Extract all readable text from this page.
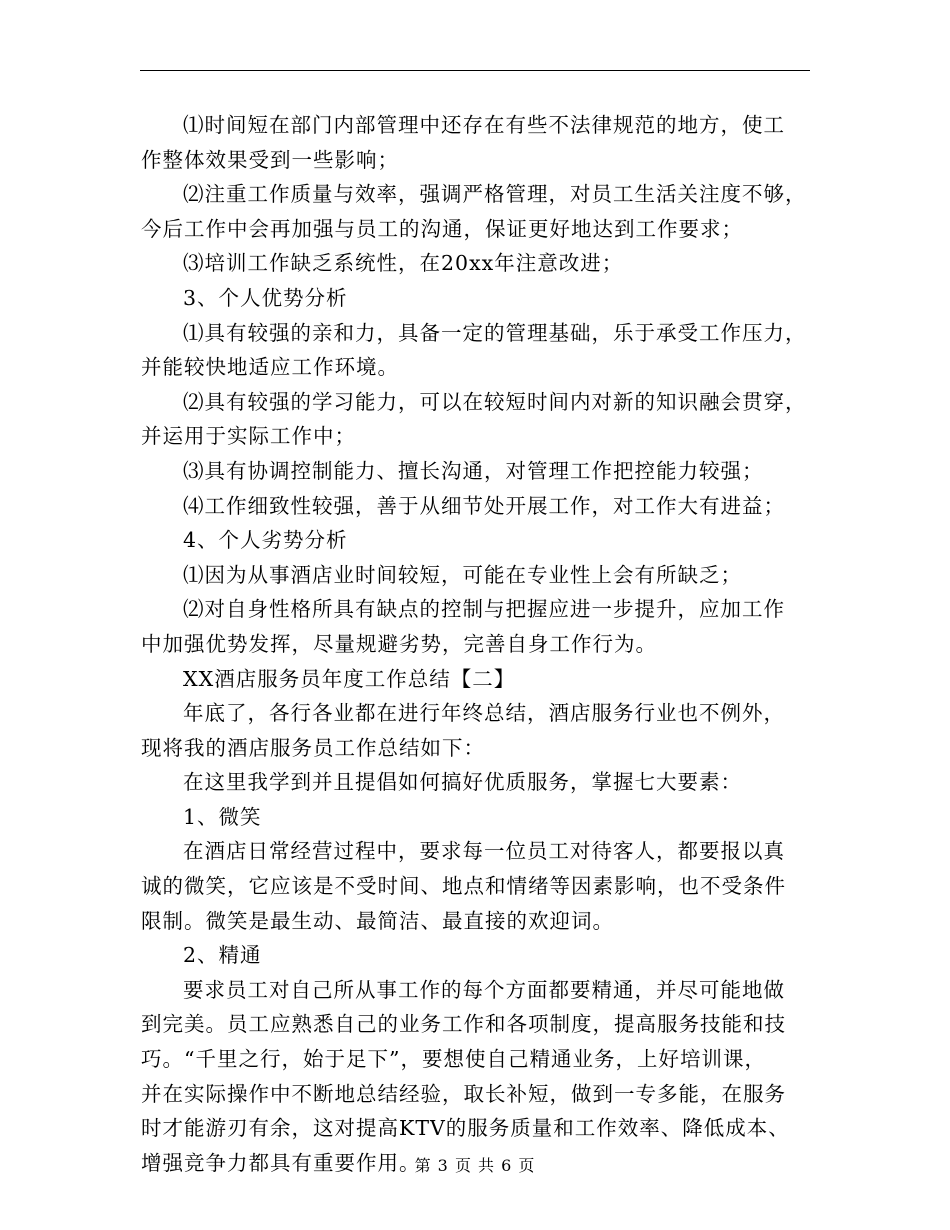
⑴时间短在部门内部管理中还存在有些不法律规范的地方，使工
作整体效果受到一些影响；
⑵注重工作质量与效率，强调严格管理，对员工生活关注度不够，
今后工作中会再加强与员工的沟通，保证更好地达到工作要求；
⑶培训工作缺乏系统性，在20xx年注意改进；
3、个人优势分析
⑴具有较强的亲和力，具备一定的管理基础，乐于承受工作压力，
并能较快地适应工作环境。
⑵具有较强的学习能力，可以在较短时间内对新的知识融会贯穿，
并运用于实际工作中；
⑶具有协调控制能力、擅长沟通，对管理工作把控能力较强；
⑷工作细致性较强，善于从细节处开展工作，对工作大有进益；
4、个人劣势分析
⑴因为从事酒店业时间较短，可能在专业性上会有所缺乏；
⑵对自身性格所具有缺点的控制与把握应进一步提升，应加工作
中加强优势发挥，尽量规避劣势，完善自身工作行为。
XX酒店服务员年度工作总结【二】
年底了，各行各业都在进行年终总结，酒店服务行业也不例外，
现将我的酒店服务员工作总结如下：
在这里我学到并且提倡如何搞好优质服务，掌握七大要素：
1、微笑
在酒店日常经营过程中，要求每一位员工对待客人，都要报以真
诚的微笑，它应该是不受时间、地点和情绪等因素影响，也不受条件
限制。微笑是最生动、最简洁、最直接的欢迎词。
2、精通
要求员工对自己所从事工作的每个方面都要精通，并尽可能地做
到完美。员工应熟悉自己的业务工作和各项制度，提高服务技能和技
巧。“千里之行，始于足下”，要想使自己精通业务，上好培训课，
并在实际操作中不断地总结经验，取长补短，做到一专多能，在服务
时才能游刃有余，这对提高KTV的服务质量和工作效率、降低成本、
增强竞争力都具有重要作用。
第 3 页 共 6 页
